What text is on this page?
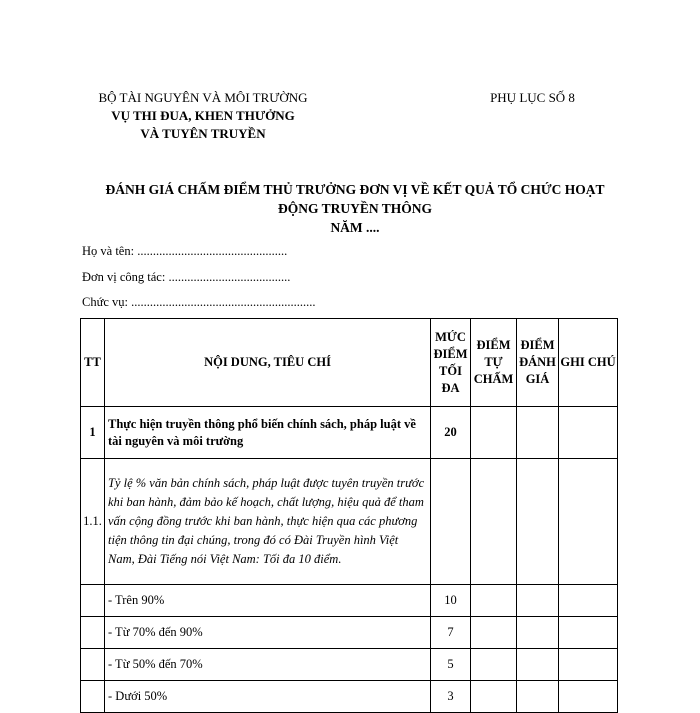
BỘ TÀI NGUYÊN VÀ MÔI TRƯỜNG
VỤ THI ĐUA, KHEN THƯỞNG
VÀ TUYÊN TRUYỀN
PHỤ LỤC SỐ 8
ĐÁNH GIÁ CHẤM ĐIỂM THỦ TRƯỞNG ĐƠN VỊ VỀ KẾT QUẢ TỔ CHỨC HOẠT
ĐỘNG TRUYỀN THÔNG
NĂM ....
Họ và tên: ................................................
Đơn vị công tác: .......................................
Chức vụ: ...........................................................
TT	NỘI DUNG, TIÊU CHÍ	MỨC ĐIỂM TỐI ĐA	ĐIỂM TỰ CHẤM	ĐIỂM ĐÁNH GIÁ	GHI CHÚ
1	Thực hiện truyền thông phổ biến chính sách, pháp luật về tài nguyên và môi trường	20			
1.1.	Tỷ lệ % văn bản chính sách, pháp luật được tuyên truyền trước khi ban hành, đảm bảo kế hoạch, chất lượng, hiệu quả để tham vấn cộng đồng trước khi ban hành, thực hiện qua các phương tiện thông tin đại chúng, trong đó có Đài Truyền hình Việt Nam, Đài Tiếng nói Việt Nam: Tối đa 10 điểm.				
	- Trên 90%	10			
	- Từ 70% đến 90%	7			
	- Từ 50% đến 70%	5			
	- Dưới 50%	3			
